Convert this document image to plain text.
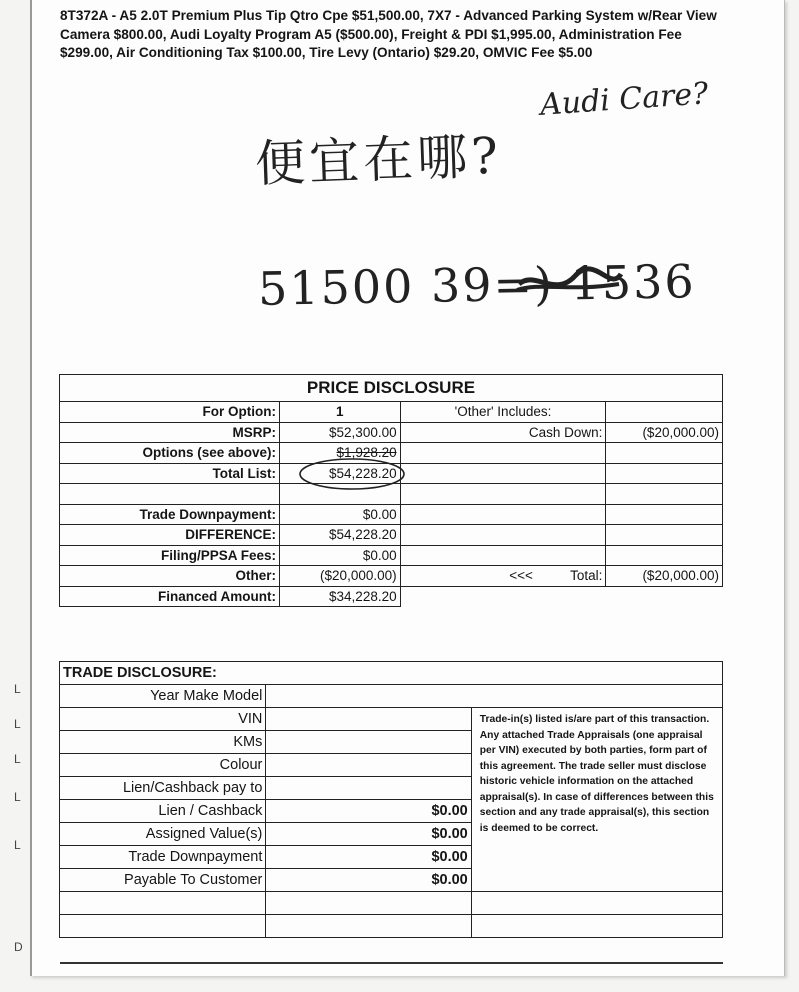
L
L
L
L
L
D
8T372A - A5 2.0T Premium Plus Tip Qtro Cpe $51,500.00, 7X7 - Advanced Parking System w/Rear View Camera $800.00, Audi Loyalty Program A5 ($500.00), Freight & PDI $1,995.00, Administration Fee $299.00, Air Conditioning Tax $100.00, Tire Levy (Ontario) $29.20, OMVIC Fee $5.00
Audi Care?
便宜在哪?
51500 39=) 1536
PRICE DISCLOSURE			
For Option:	1	'Other' Includes:	
MSRP:	$52,300.00	Cash Down:	($20,000.00)
Options (see above):	$1,928.20		
Total List:	$54,228.20		

Trade Downpayment:	$0.00		
DIFFERENCE:	$54,228.20		
Filing/PPSA Fees:	$0.00		
Other:	($20,000.00)	<<<          Total:	($20,000.00)
Financed Amount:	$34,228.20		
TRADE DISCLOSURE:		
Year Make Model		
VIN		Trade-in(s) listed is/are part of this transaction. Any attached Trade Appraisals (one appraisal per VIN) executed by both parties, form part of this agreement. The trade seller must disclose historic vehicle information on the attached appraisal(s). In case of differences between this section and any trade appraisal(s), this section is deemed to be correct.
KMs		
Colour		
Lien/Cashback pay to		
Lien / Cashback	$0.00	
Assigned Value(s)	$0.00	
Trade Downpayment	$0.00	
Payable To Customer	$0.00	
